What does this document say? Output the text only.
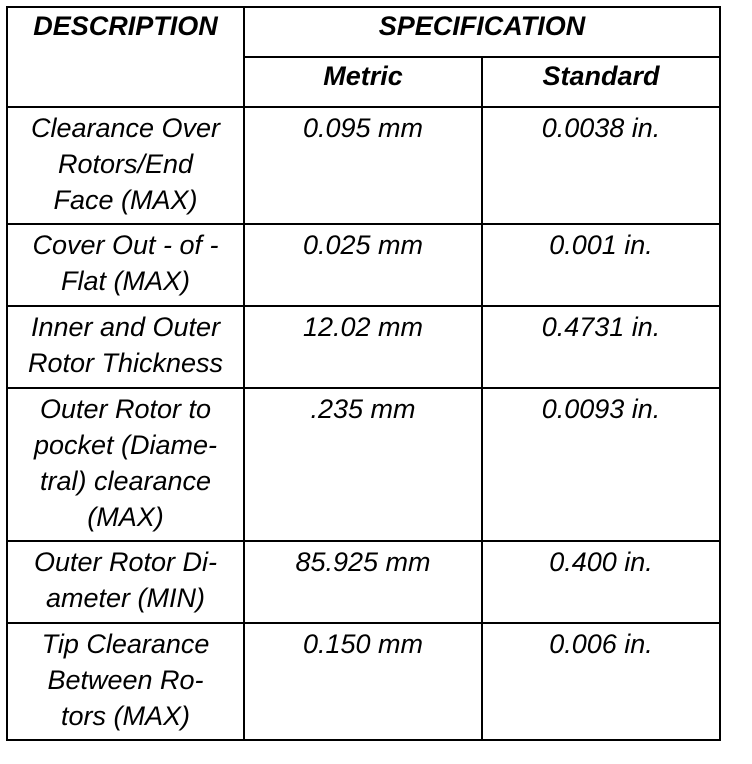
DESCRIPTION	SPECIFICATION	
	Metric	Standard

Clearance Over
Rotors/End
Face (MAX)	0.095 mm	0.0038 in.

Cover Out - of -
Flat (MAX)	0.025 mm	0.001 in.

Inner and Outer
Rotor Thickness	12.02 mm	0.4731 in.

Outer Rotor to
pocket (Diame-
tral) clearance
(MAX)	.235 mm	0.0093 in.

Outer Rotor Di-
ameter (MIN)	85.925 mm	0.400 in.

Tip Clearance
Between Ro-
tors (MAX)	0.150 mm	0.006 in.
